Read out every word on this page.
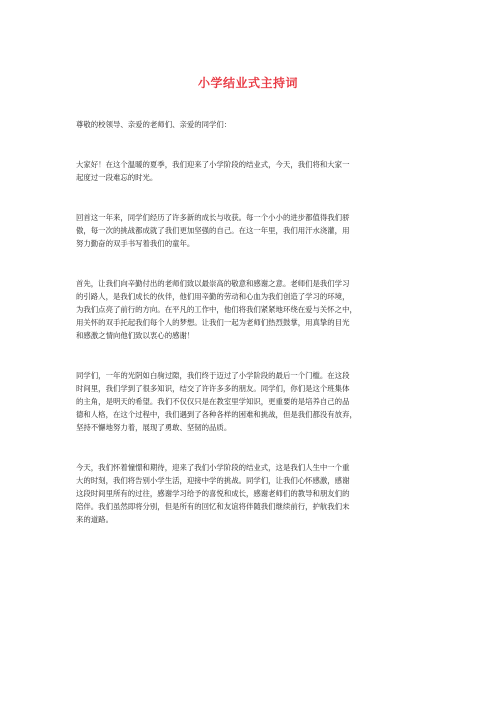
小学结业式主持词

尊敬的校领导、亲爱的老师们、亲爱的同学们：

大家好！在这个温暖的夏季，我们迎来了小学阶段的结业式，今天，我们将和大家一
起度过一段难忘的时光。

回首这一年来，同学们经历了许多新的成长与收获。每一个小小的进步都值得我们骄
傲，每一次的挑战都成就了我们更加坚强的自己。在这一年里，我们用汗水浇灌，用
努力勤奋的双手书写着我们的童年。

首先，让我们向辛勤付出的老师们致以最崇高的敬意和感谢之意。老师们是我们学习
的引路人，是我们成长的伙伴，他们用辛勤的劳动和心血为我们创造了学习的环境，
为我们点亮了前行的方向。在平凡的工作中，他们将我们紧紧地环绕在爱与关怀之中，
用关怀的双手托起我们每个人的梦想。让我们一起为老师们热烈鼓掌，用真挚的目光
和感激之情向他们致以衷心的感谢！

同学们，一年的光阴如白驹过隙，我们终于迈过了小学阶段的最后一个门槛。在这段
时间里，我们学到了很多知识，结交了许许多多的朋友。同学们，你们是这个班集体
的主角，是明天的希望。我们不仅仅只是在教室里学知识，更重要的是培养自己的品
德和人格，在这个过程中，我们遇到了各种各样的困难和挑战，但是我们都没有放弃，
坚持不懈地努力着，展现了勇敢、坚韧的品质。

今天，我们怀着憧憬和期待，迎来了我们小学阶段的结业式，这是我们人生中一个重
大的时刻，我们将告别小学生活，迎接中学的挑战。同学们，让我们心怀感激，感谢
这段时间里所有的过往，感谢学习给予的喜悦和成长，感谢老师们的教导和朋友们的
陪伴。我们虽然即将分别，但是所有的回忆和友谊将伴随我们继续前行，护航我们未
来的道路。
